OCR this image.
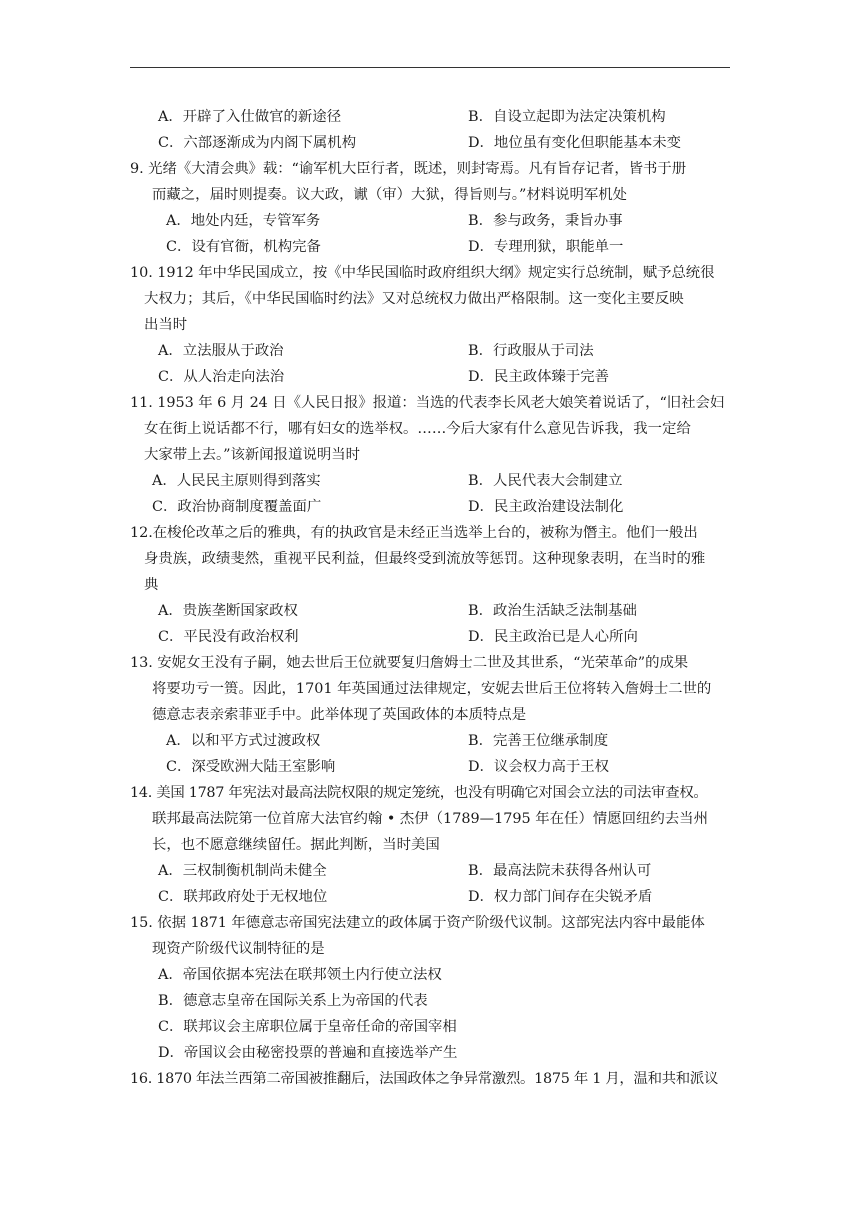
A．开辟了入仕做官的新途径	B．自设立起即为法定决策机构
C．六部逐渐成为内阁下属机构	D．地位虽有变化但职能基本未变
9. 光绪《大清会典》载：“谕军机大臣行者，既述，则封寄焉。凡有旨存记者，皆书于册
而藏之，届时则提奏。议大政，谳（审）大狱，得旨则与。”材料说明军机处
A．地处内廷，专管军务	B．参与政务，秉旨办事
C．设有官衙，机构完备	D．专理刑狱，职能单一
10. 1912 年中华民国成立，按《中华民国临时政府组织大纲》规定实行总统制，赋予总统很
大权力；其后，《中华民国临时约法》又对总统权力做出严格限制。这一变化主要反映
出当时
A．立法服从于政治	B．行政服从于司法
C．从人治走向法治	D．民主政体臻于完善
11. 1953 年 6 月 24 日《人民日报》报道：当选的代表李长风老大娘笑着说话了，“旧社会妇
女在街上说话都不行，哪有妇女的选举权。……今后大家有什么意见告诉我，我一定给
大家带上去。”该新闻报道说明当时
A．人民民主原则得到落实	B．人民代表大会制建立
C．政治协商制度覆盖面广	D．民主政治建设法制化
12.在梭伦改革之后的雅典，有的执政官是未经正当选举上台的，被称为僭主。他们一般出
身贵族，政绩斐然，重视平民利益，但最终受到流放等惩罚。这种现象表明，在当时的雅
典
A．贵族垄断国家政权	B．政治生活缺乏法制基础
C．平民没有政治权利	D．民主政治已是人心所向
13. 安妮女王没有子嗣，她去世后王位就要复归詹姆士二世及其世系，“光荣革命”的成果
将要功亏一篑。因此，1701 年英国通过法律规定，安妮去世后王位将转入詹姆士二世的
德意志表亲索菲亚手中。此举体现了英国政体的本质特点是
A．以和平方式过渡政权	B．完善王位继承制度
C．深受欧洲大陆王室影响	D．议会权力高于王权
14. 美国 1787 年宪法对最高法院权限的规定笼统，也没有明确它对国会立法的司法审查权。
联邦最高法院第一位首席大法官约翰 • 杰伊（1789—1795 年在任）情愿回纽约去当州
长，也不愿意继续留任。据此判断，当时美国
A．三权制衡机制尚未健全	B．最高法院未获得各州认可
C．联邦政府处于无权地位	D．权力部门间存在尖锐矛盾
15. 依据 1871 年德意志帝国宪法建立的政体属于资产阶级代议制。这部宪法内容中最能体
现资产阶级代议制特征的是
A．帝国依据本宪法在联邦领土内行使立法权
B．德意志皇帝在国际关系上为帝国的代表
C．联邦议会主席职位属于皇帝任命的帝国宰相
D．帝国议会由秘密投票的普遍和直接选举产生
16. 1870 年法兰西第二帝国被推翻后，法国政体之争异常激烈。1875 年 1 月，温和共和派议
